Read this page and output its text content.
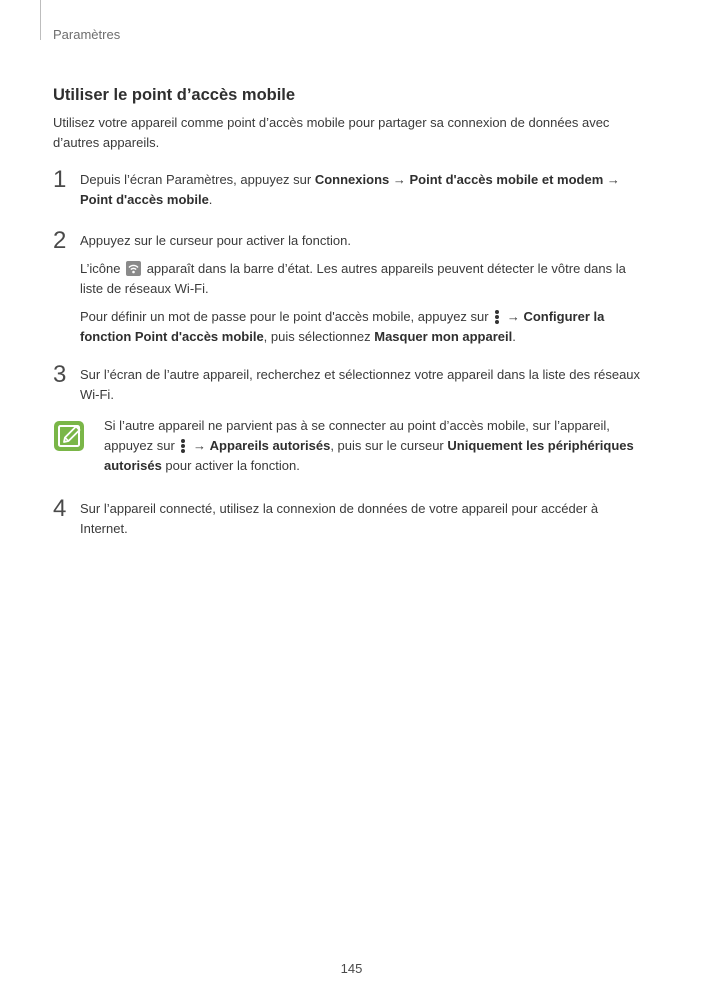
Paramètres
Utiliser le point d’accès mobile
Utilisez votre appareil comme point d’accès mobile pour partager sa connexion de données avec d’autres appareils.
1	Depuis l’écran Paramètres, appuyez sur Connexions → Point d'accès mobile et modem → Point d'accès mobile.

2	Appuyez sur le curseur pour activer la fonction.

L’icône
apparaît dans la barre d’état. Les autres appareils peuvent détecter le vôtre dans la liste de réseaux Wi-Fi.

Pour définir un mot de passe pour le point d'accès mobile, appuyez sur
→ Configurer la fonction Point d'accès mobile, puis sélectionnez Masquer mon appareil.

3	Sur l’écran de l’autre appareil, recherchez et sélectionnez votre appareil dans la liste des réseaux Wi-Fi.

Si l’autre appareil ne parvient pas à se connecter au point d’accès mobile, sur l’appareil, appuyez sur
→ Appareils autorisés, puis sur le curseur Uniquement les périphériques autorisés pour activer la fonction.
4	Sur l’appareil connecté, utilisez la connexion de données de votre appareil pour accéder à Internet.

145
